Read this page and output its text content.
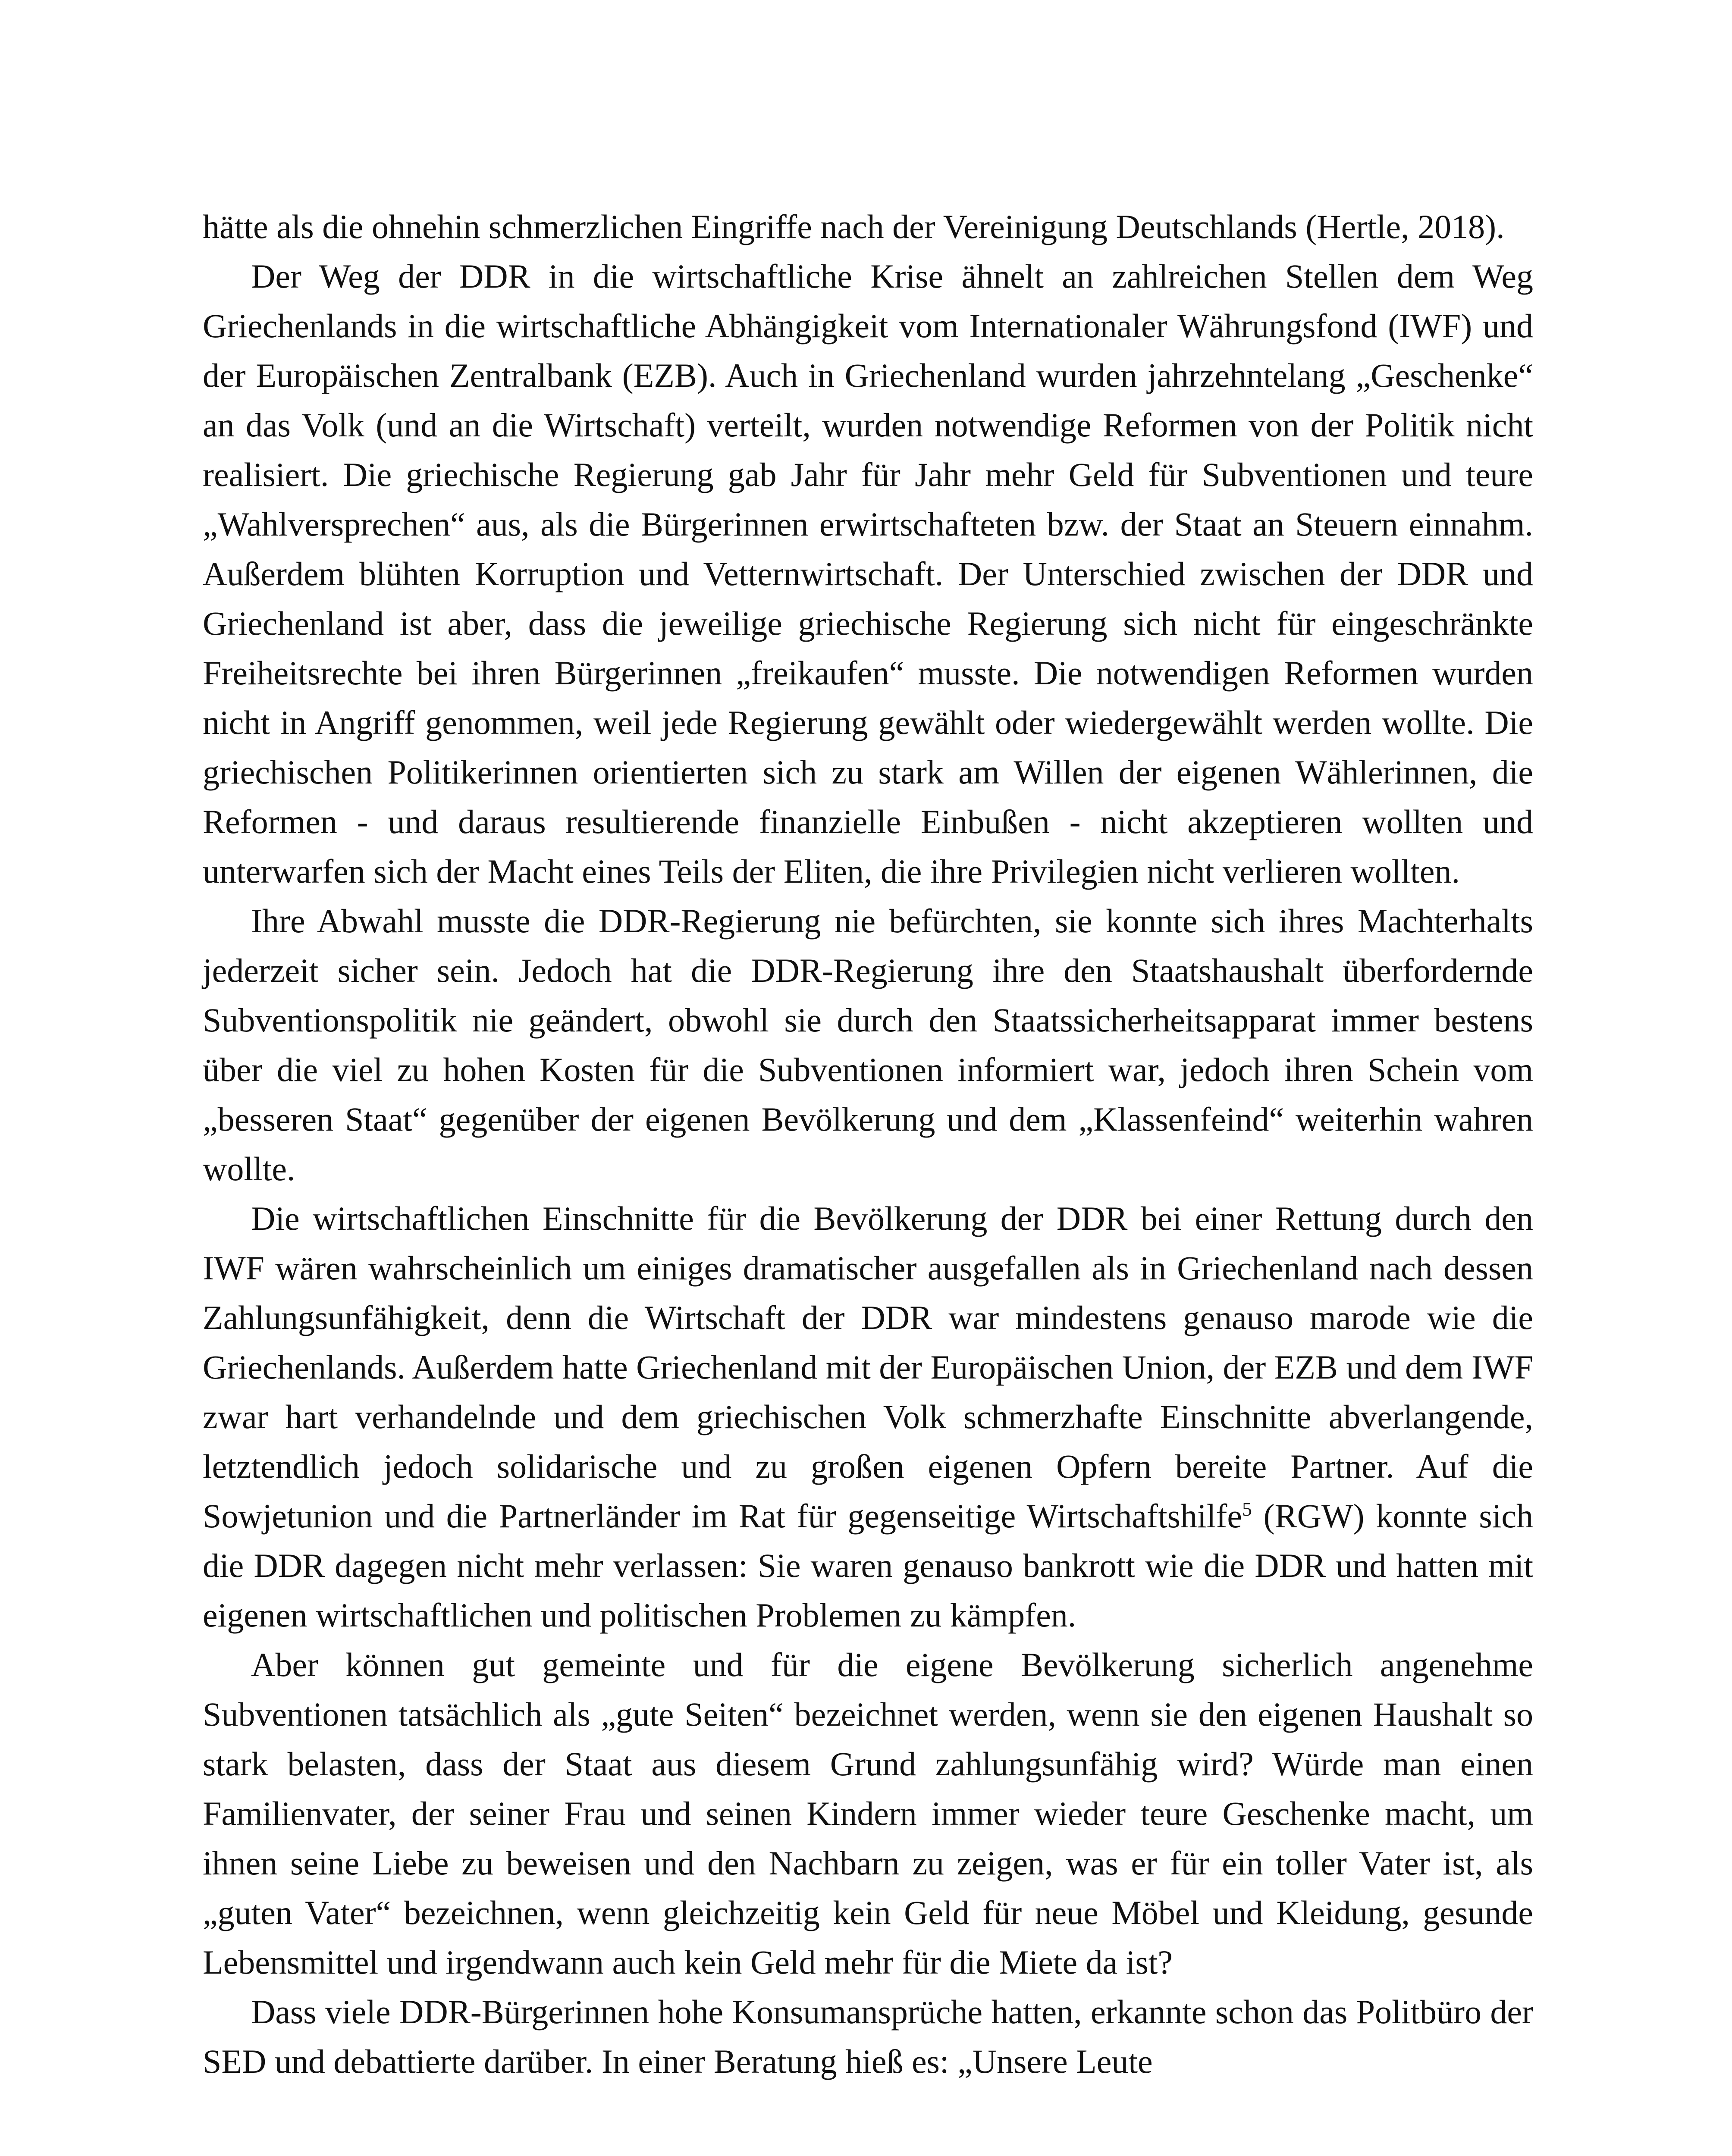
hätte als die ohnehin schmerzlichen Eingriffe nach der Vereinigung Deutschlands (Hertle, 2018).

Der Weg der DDR in die wirtschaftliche Krise ähnelt an zahlreichen Stellen dem Weg Griechenlands in die wirtschaftliche Abhängigkeit vom Internationaler Währungsfond (IWF) und der Europäischen Zentralbank (EZB). Auch in Griechenland wurden jahrzehntelang „Geschenke“ an das Volk (und an die Wirtschaft) verteilt, wurden notwendige Reformen von der Politik nicht realisiert. Die griechische Regierung gab Jahr für Jahr mehr Geld für Subventionen und teure „Wahlversprechen“ aus, als die Bürgerinnen erwirtschafteten bzw. der Staat an Steuern einnahm. Außerdem blühten Korruption und Vetternwirtschaft. Der Unterschied zwischen der DDR und Griechenland ist aber, dass die jeweilige griechische Regierung sich nicht für eingeschränkte Freiheitsrechte bei ihren Bürgerinnen „freikaufen“ musste. Die notwendigen Reformen wurden nicht in Angriff genommen, weil jede Regierung gewählt oder wiedergewählt werden wollte. Die griechischen Politikerinnen orientierten sich zu stark am Willen der eigenen Wählerinnen, die Reformen - und daraus resultierende finanzielle Einbußen - nicht akzeptieren wollten und unterwarfen sich der Macht eines Teils der Eliten, die ihre Privilegien nicht verlieren wollten.

Ihre Abwahl musste die DDR-Regierung nie befürchten, sie konnte sich ihres Machterhalts jederzeit sicher sein. Jedoch hat die DDR-Regierung ihre den Staatshaushalt überfordernde Subventionspolitik nie geändert, obwohl sie durch den Staatssicherheitsapparat immer bestens über die viel zu hohen Kosten für die Subventionen informiert war, jedoch ihren Schein vom „besseren Staat“ gegenüber der eigenen Bevölkerung und dem „Klassenfeind“ weiterhin wahren wollte.

Die wirtschaftlichen Einschnitte für die Bevölkerung der DDR bei einer Rettung durch den IWF wären wahrscheinlich um einiges dramatischer ausgefallen als in Griechenland nach dessen Zahlungsunfähigkeit, denn die Wirtschaft der DDR war mindestens genauso marode wie die Griechenlands. Außerdem hatte Griechenland mit der Europäischen Union, der EZB und dem IWF zwar hart verhandelnde und dem griechischen Volk schmerzhafte Einschnitte abverlangende, letztendlich jedoch solidarische und zu großen eigenen Opfern bereite Partner. Auf die Sowjetunion und die Partnerländer im Rat für gegenseitige Wirtschaftshilfe$^5$ (RGW) konnte sich die DDR dagegen nicht mehr verlassen: Sie waren genauso bankrott wie die DDR und hatten mit eigenen wirtschaftlichen und politischen Problemen zu kämpfen.

Aber können gut gemeinte und für die eigene Bevölkerung sicherlich angenehme Subventionen tatsächlich als „gute Seiten“ bezeichnet werden, wenn sie den eigenen Haushalt so stark belasten, dass der Staat aus diesem Grund zahlungsunfähig wird? Würde man einen Familienvater, der seiner Frau und seinen Kindern immer wieder teure Geschenke macht, um ihnen seine Liebe zu beweisen und den Nachbarn zu zeigen, was er für ein toller Vater ist, als „guten Vater“ bezeichnen, wenn gleichzeitig kein Geld für neue Möbel und Kleidung, gesunde Lebensmittel und irgendwann auch kein Geld mehr für die Miete da ist?

Dass viele DDR-Bürgerinnen hohe Konsumansprüche hatten, erkannte schon das Politbüro der SED und debattierte darüber. In einer Beratung hieß es: „Unsere Leute
